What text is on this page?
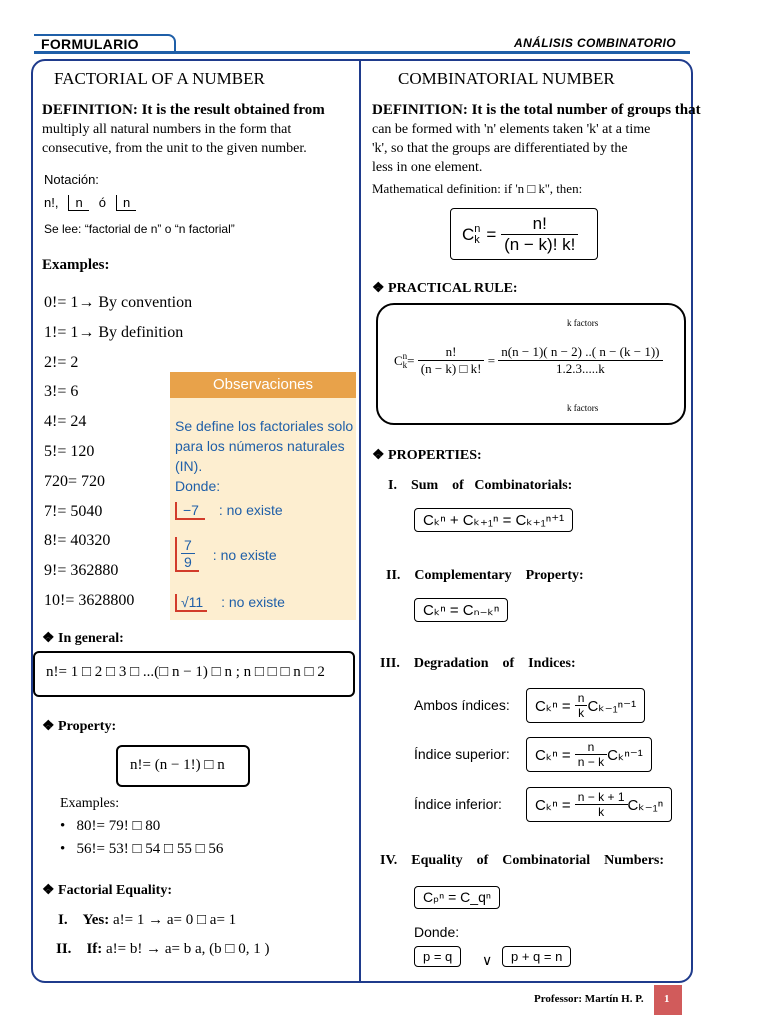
FORMULARIO	ANÁLISIS COMBINATORIO
FACTORIAL OF A NUMBER
DEFINITION: It is the result obtained from
multiply all natural numbers in the form that
consecutive, from the unit to the given number.
Notación:
n!,	n	ó	n
Se lee: “factorial de n” o “n factorial”
Examples:
0!= 1→ By convention
1!= 1→ By definition
2!= 2
3!= 6
4!= 24
5!= 120
720= 720
7!= 5040
8!= 40320
9!= 362880
10!= 3628800
Observaciones
Se define los factoriales solo
para los números naturales
(IN).
Donde:
−7 : no existe
$\frac{7}{9}$ : no existe
√11 : no existe
❖ In general:
n!= 1 □ 2 □ 3 □ ...(□ n − 1) □ n ; n □ □ □ n □ 2
❖ Property:
n!= (n − 1!) □ n
Examples:
•   80!= 79! □ 80
•   56!= 53! □ 54 □ 55 □ 56
❖ Factorial Equality:
I. Yes: a!= 1 → a= 0 □ a= 1
II. If: a!= b! → a= b a, (b □ 0, 1 )
COMBINATORIAL NUMBER
DEFINITION: It is the total number of groups that
can be formed with 'n' elements taken 'k' at a time
'k', so that the groups are differentiated by the
less in one element.
Mathematical definition: if 'n □ k'', then:
C n
$k = \frac{n!}{(n - k)! k!}$
❖ PRACTICAL RULE:
C n
$k = \frac{n!}{(n - k) □ k!} = \frac{n(n - 1)( n - 2) ..( n - (k - 1))}{1.2.3.....k}$
k factors
k factors
❖ PROPERTIES:
I.    Sum    of   Combinatorials:
Cₖⁿ + Cₖ₊₁ⁿ = Cₖ₊₁ⁿ⁺¹
II.    Complementary    Property:
Cₖⁿ = Cₙ₋ₖⁿ
III.    Degradation    of    Indices:
Ambos índices: $C_k^n = \frac{n}{k} C_{k-1}^{n-1}$
Índice superior: $C_k^n = \frac{n}{n - k} C_k^{n-1}$
Índice inferior: $C_k^n = \frac{n - k + 1}{k} C_{k-1}^n$
IV.    Equality    of    Combinatorial    Numbers:
Cₚⁿ = C_qⁿ
Donde:
p = q	∨	p + q = n
Professor: Martín H. P. 1
